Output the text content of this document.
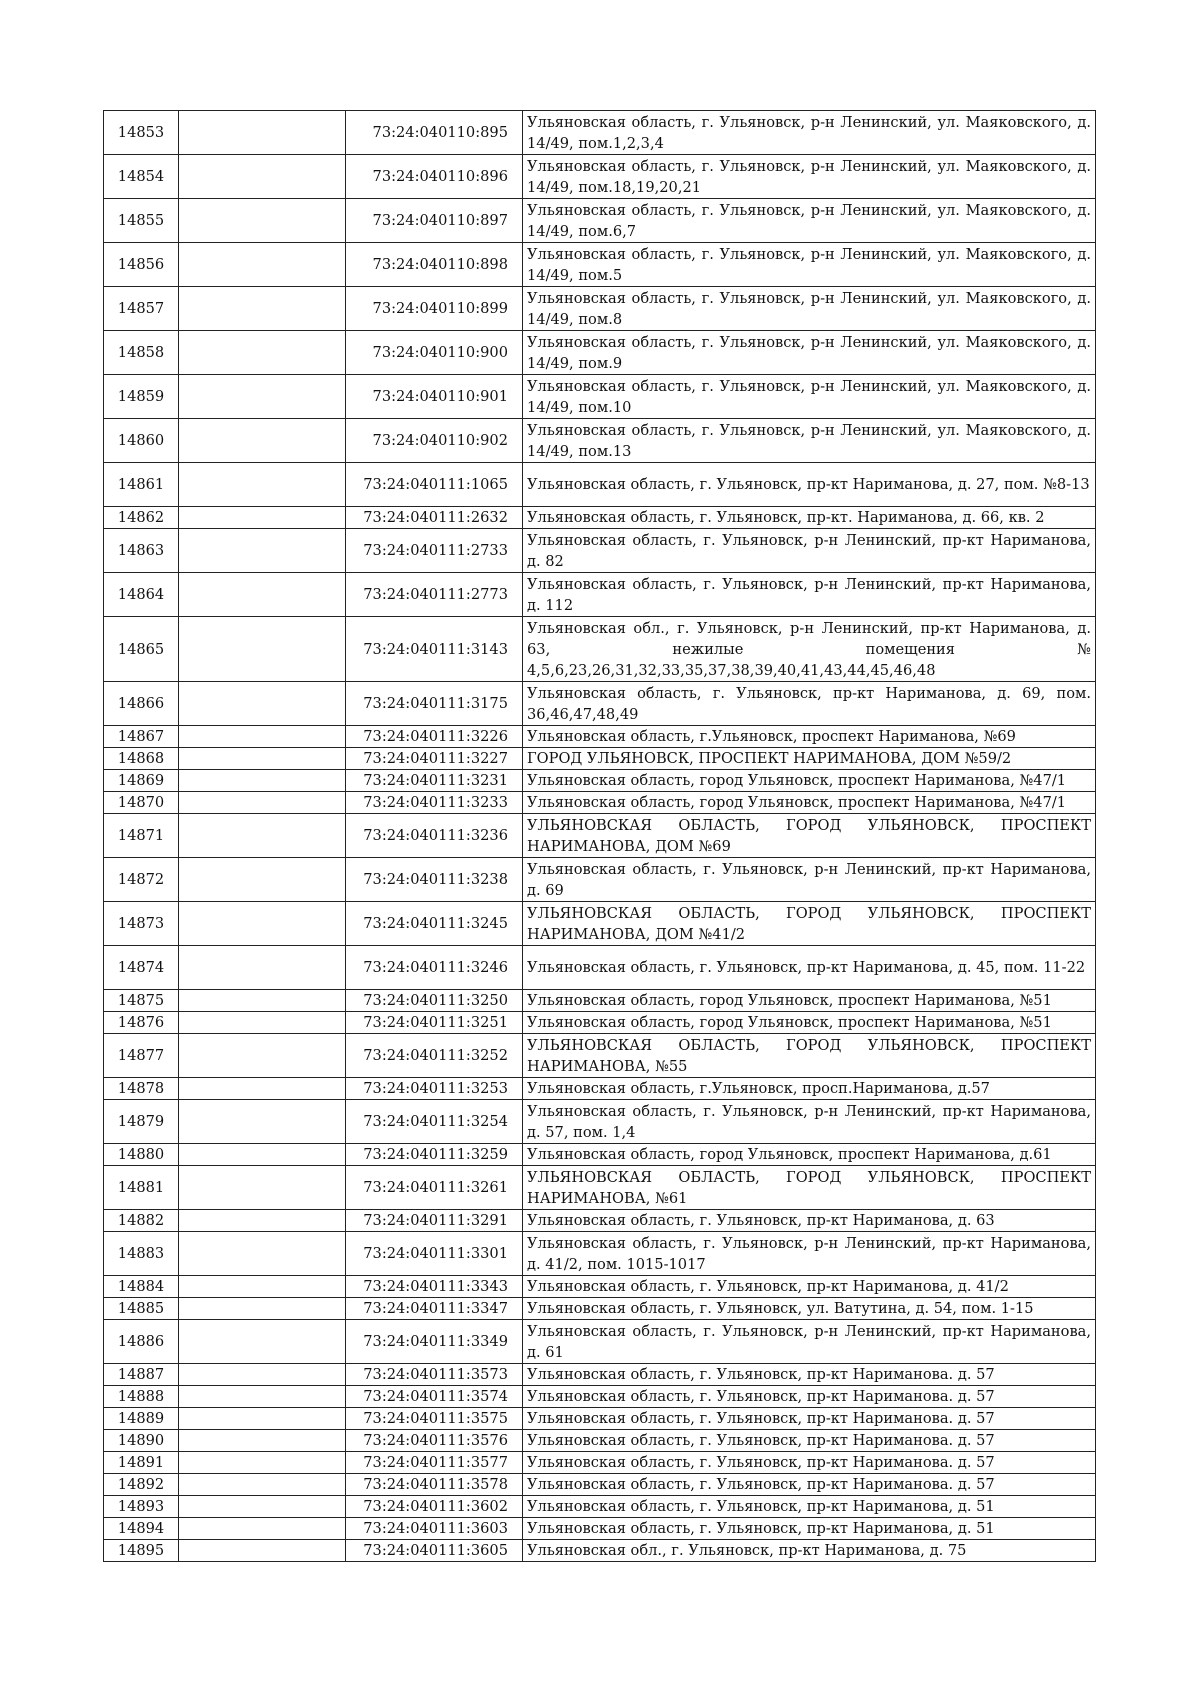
14853		73:24:040110:895	Ульяновская область, г. Ульяновск, р-н Ленинский, ул. Маяковского, д. 14/49, пом.1,2,3,4

14854		73:24:040110:896	Ульяновская область, г. Ульяновск, р-н Ленинский, ул. Маяковского, д. 14/49, пом.18,19,20,21

14855		73:24:040110:897	Ульяновская область, г. Ульяновск, р-н Ленинский, ул. Маяковского, д. 14/49, пом.6,7

14856		73:24:040110:898	Ульяновская область, г. Ульяновск, р-н Ленинский, ул. Маяковского, д. 14/49, пом.5

14857		73:24:040110:899	Ульяновская область, г. Ульяновск, р-н Ленинский, ул. Маяковского, д. 14/49, пом.8

14858		73:24:040110:900	Ульяновская область, г. Ульяновск, р-н Ленинский, ул. Маяковского, д. 14/49, пом.9

14859		73:24:040110:901	Ульяновская область, г. Ульяновск, р-н Ленинский, ул. Маяковского, д. 14/49, пом.10

14860		73:24:040110:902	Ульяновская область, г. Ульяновск, р-н Ленинский, ул. Маяковского, д. 14/49, пом.13

14861		73:24:040111:1065	Ульяновская область, г. Ульяновск, пр-кт Нариманова, д. 27, пом. №8-13

14862		73:24:040111:2632	Ульяновская область, г. Ульяновск, пр-кт. Нариманова, д. 66, кв. 2

14863		73:24:040111:2733	Ульяновская область, г. Ульяновск, р-н Ленинский, пр-кт Нариманова, д. 82

14864		73:24:040111:2773	Ульяновская область, г. Ульяновск, р-н Ленинский, пр-кт Нариманова, д. 112

14865		73:24:040111:3143	Ульяновская обл., г. Ульяновск, р-н Ленинский, пр-кт Нариманова, д. 63, нежилые помещения № 4,5,6,23,26,31,32,33,35,37,38,39,40,41,43,44,45,46,48

14866		73:24:040111:3175	Ульяновская область, г. Ульяновск, пр-кт Нариманова, д. 69, пом. 36,46,47,48,49

14867		73:24:040111:3226	Ульяновская область, г.Ульяновск, проспект Нариманова, №69

14868		73:24:040111:3227	ГОРОД УЛЬЯНОВСК, ПРОСПЕКТ НАРИМАНОВА, ДОМ №59/2

14869		73:24:040111:3231	Ульяновская область, город Ульяновск, проспект Нариманова, №47/1

14870		73:24:040111:3233	Ульяновская область, город Ульяновск, проспект Нариманова, №47/1

14871		73:24:040111:3236	УЛЬЯНОВСКАЯ ОБЛАСТЬ, ГОРОД УЛЬЯНОВСК, ПРОСПЕКТ НАРИМАНОВА, ДОМ №69

14872		73:24:040111:3238	Ульяновская область, г. Ульяновск, р-н Ленинский, пр-кт Нариманова, д. 69

14873		73:24:040111:3245	УЛЬЯНОВСКАЯ ОБЛАСТЬ, ГОРОД УЛЬЯНОВСК, ПРОСПЕКТ НАРИМАНОВА, ДОМ №41/2

14874		73:24:040111:3246	Ульяновская область, г. Ульяновск, пр-кт Нариманова, д. 45, пом. 11-22

14875		73:24:040111:3250	Ульяновская область, город Ульяновск, проспект Нариманова, №51

14876		73:24:040111:3251	Ульяновская область, город Ульяновск, проспект Нариманова, №51

14877		73:24:040111:3252	УЛЬЯНОВСКАЯ ОБЛАСТЬ, ГОРОД УЛЬЯНОВСК, ПРОСПЕКТ НАРИМАНОВА, №55

14878		73:24:040111:3253	Ульяновская область, г.Ульяновск, просп.Нариманова, д.57

14879		73:24:040111:3254	Ульяновская область, г. Ульяновск, р-н Ленинский, пр-кт Нариманова, д. 57, пом. 1,4

14880		73:24:040111:3259	Ульяновская область, город Ульяновск, проспект Нариманова, д.61

14881		73:24:040111:3261	УЛЬЯНОВСКАЯ ОБЛАСТЬ, ГОРОД УЛЬЯНОВСК, ПРОСПЕКТ НАРИМАНОВА, №61

14882		73:24:040111:3291	Ульяновская область, г. Ульяновск, пр-кт Нариманова, д. 63

14883		73:24:040111:3301	Ульяновская область, г. Ульяновск, р-н Ленинский, пр-кт Нариманова, д. 41/2, пом. 1015-1017

14884		73:24:040111:3343	Ульяновская область, г. Ульяновск, пр-кт Нариманова, д. 41/2

14885		73:24:040111:3347	Ульяновская область, г. Ульяновск, ул. Ватутина, д. 54, пом. 1-15

14886		73:24:040111:3349	Ульяновская область, г. Ульяновск, р-н Ленинский, пр-кт Нариманова, д. 61

14887		73:24:040111:3573	Ульяновская область, г. Ульяновск, пр-кт Нариманова. д. 57

14888		73:24:040111:3574	Ульяновская область, г. Ульяновск, пр-кт Нариманова. д. 57

14889		73:24:040111:3575	Ульяновская область, г. Ульяновск, пр-кт Нариманова. д. 57

14890		73:24:040111:3576	Ульяновская область, г. Ульяновск, пр-кт Нариманова. д. 57

14891		73:24:040111:3577	Ульяновская область, г. Ульяновск, пр-кт Нариманова. д. 57

14892		73:24:040111:3578	Ульяновская область, г. Ульяновск, пр-кт Нариманова. д. 57

14893		73:24:040111:3602	Ульяновская область, г. Ульяновск, пр-кт Нариманова, д. 51

14894		73:24:040111:3603	Ульяновская область, г. Ульяновск, пр-кт Нариманова, д. 51

14895		73:24:040111:3605	Ульяновская обл., г. Ульяновск, пр-кт Нариманова, д. 75
